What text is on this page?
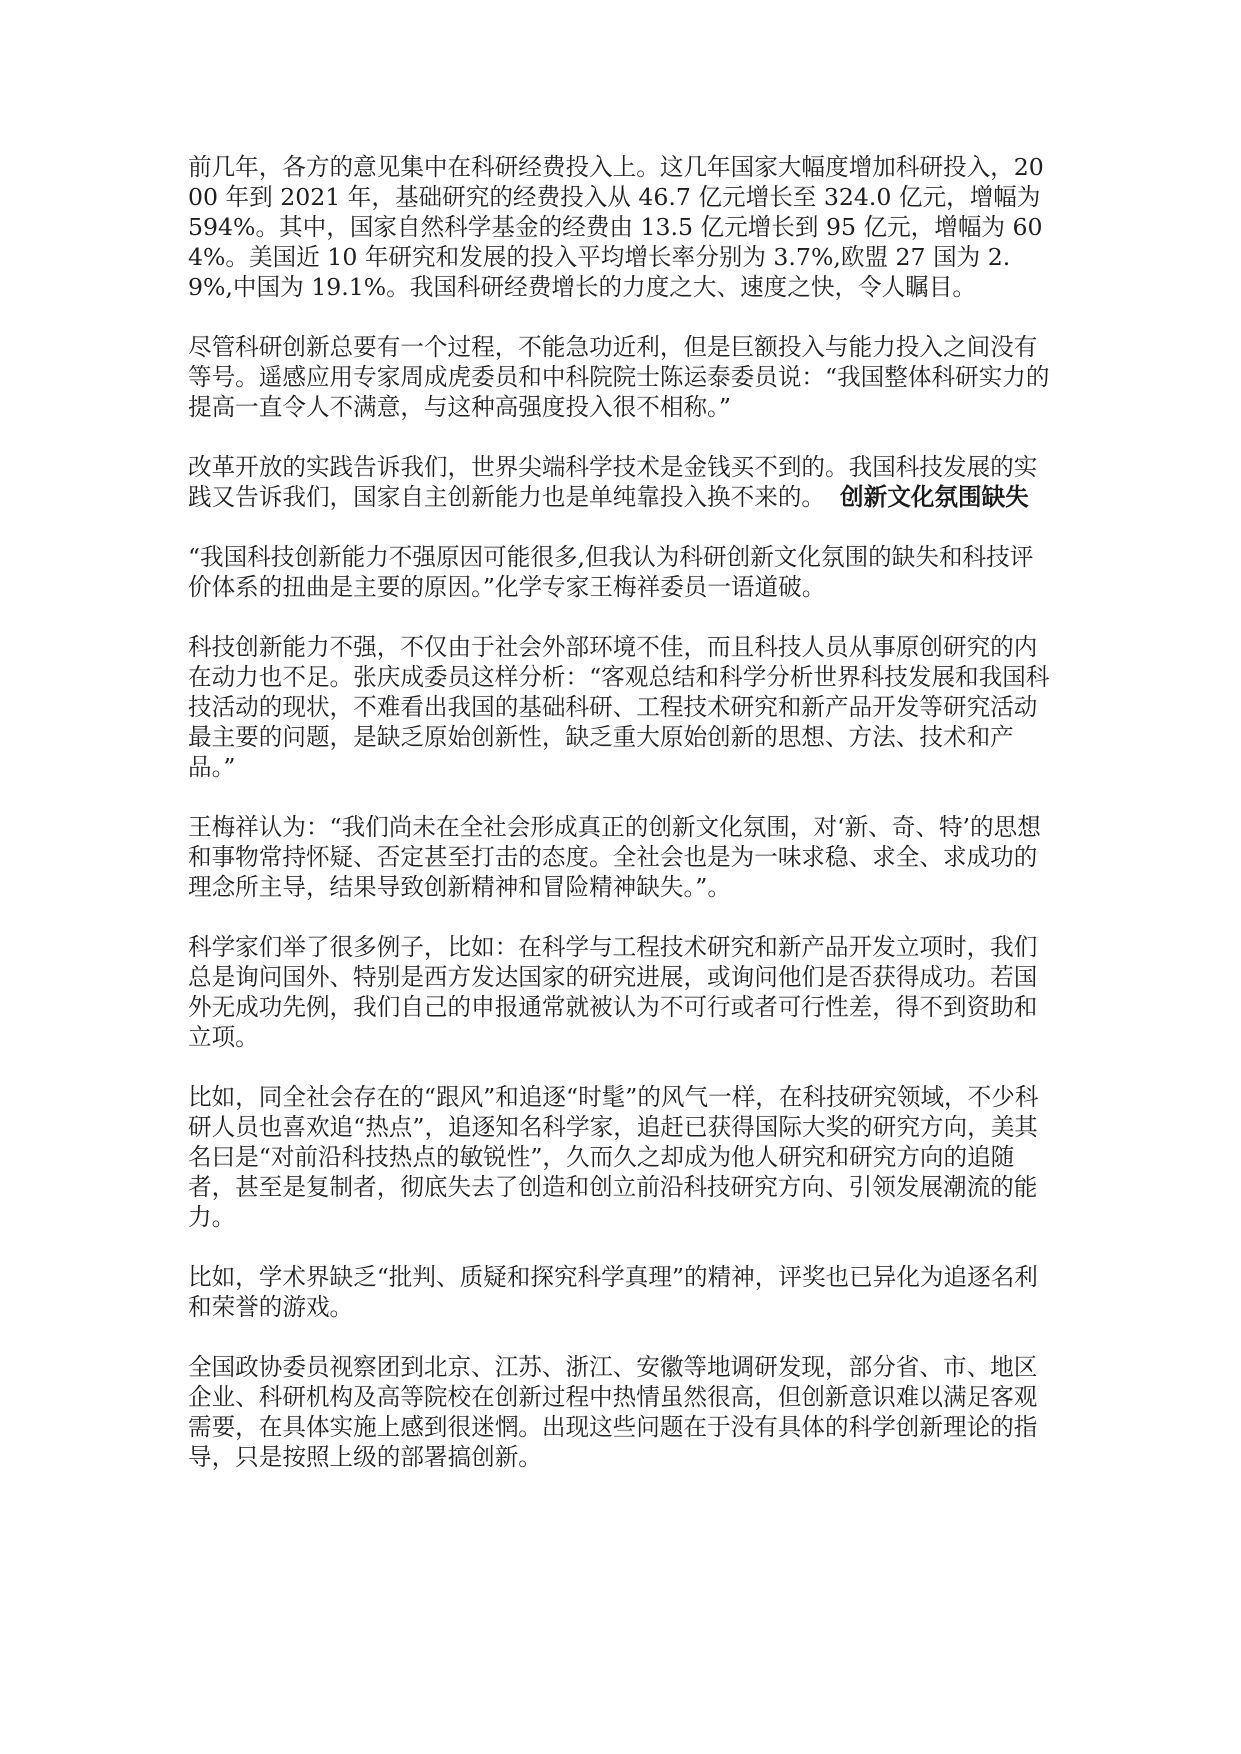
前几年，各方的意见集中在科研经费投入上。这几年国家大幅度增加科研投入，2000 年到 2021 年，基础研究的经费投入从 46.7 亿元增长至 324.0 亿元，增幅为 594%。其中，国家自然科学基金的经费由 13.5 亿元增长到 95 亿元，增幅为 604%。美国近 10 年研究和发展的投入平均增长率分别为 3.7%,欧盟 27 国为 2.9%,中国为 19.1%。我国科研经费增长的力度之大、速度之快，令人瞩目。

尽管科研创新总要有一个过程，不能急功近利，但是巨额投入与能力投入之间没有等号。遥感应用专家周成虎委员和中科院院士陈运泰委员说：“我国整体科研实力的提高一直令人不满意，与这种高强度投入很不相称。”

改革开放的实践告诉我们，世界尖端科学技术是金钱买不到的。我国科技发展的实践又告诉我们，国家自主创新能力也是单纯靠投入换不来的。 创新文化氛围缺失

“我国科技创新能力不强原因可能很多,但我认为科研创新文化氛围的缺失和科技评价体系的扭曲是主要的原因。”化学专家王梅祥委员一语道破。

科技创新能力不强，不仅由于社会外部环境不佳，而且科技人员从事原创研究的内在动力也不足。张庆成委员这样分析：“客观总结和科学分析世界科技发展和我国科技活动的现状，不难看出我国的基础科研、工程技术研究和新产品开发等研究活动最主要的问题，是缺乏原始创新性，缺乏重大原始创新的思想、方法、技术和产品。”

王梅祥认为：“我们尚未在全社会形成真正的创新文化氛围，对‘新、奇、特’的思想和事物常持怀疑、否定甚至打击的态度。全社会也是为一味求稳、求全、求成功的理念所主导，结果导致创新精神和冒险精神缺失。”。

科学家们举了很多例子，比如：在科学与工程技术研究和新产品开发立项时，我们总是询问国外、特别是西方发达国家的研究进展，或询问他们是否获得成功。若国外无成功先例，我们自己的申报通常就被认为不可行或者可行性差，得不到资助和立项。

比如，同全社会存在的“跟风”和追逐“时髦”的风气一样，在科技研究领域，不少科研人员也喜欢追“热点”，追逐知名科学家，追赶已获得国际大奖的研究方向，美其名曰是“对前沿科技热点的敏锐性”，久而久之却成为他人研究和研究方向的追随者，甚至是复制者，彻底失去了创造和创立前沿科技研究方向、引领发展潮流的能力。

比如，学术界缺乏“批判、质疑和探究科学真理”的精神，评奖也已异化为追逐名利和荣誉的游戏。

全国政协委员视察团到北京、江苏、浙江、安徽等地调研发现，部分省、市、地区企业、科研机构及高等院校在创新过程中热情虽然很高，但创新意识难以满足客观需要，在具体实施上感到很迷惘。出现这些问题在于没有具体的科学创新理论的指导，只是按照上级的部署搞创新。
